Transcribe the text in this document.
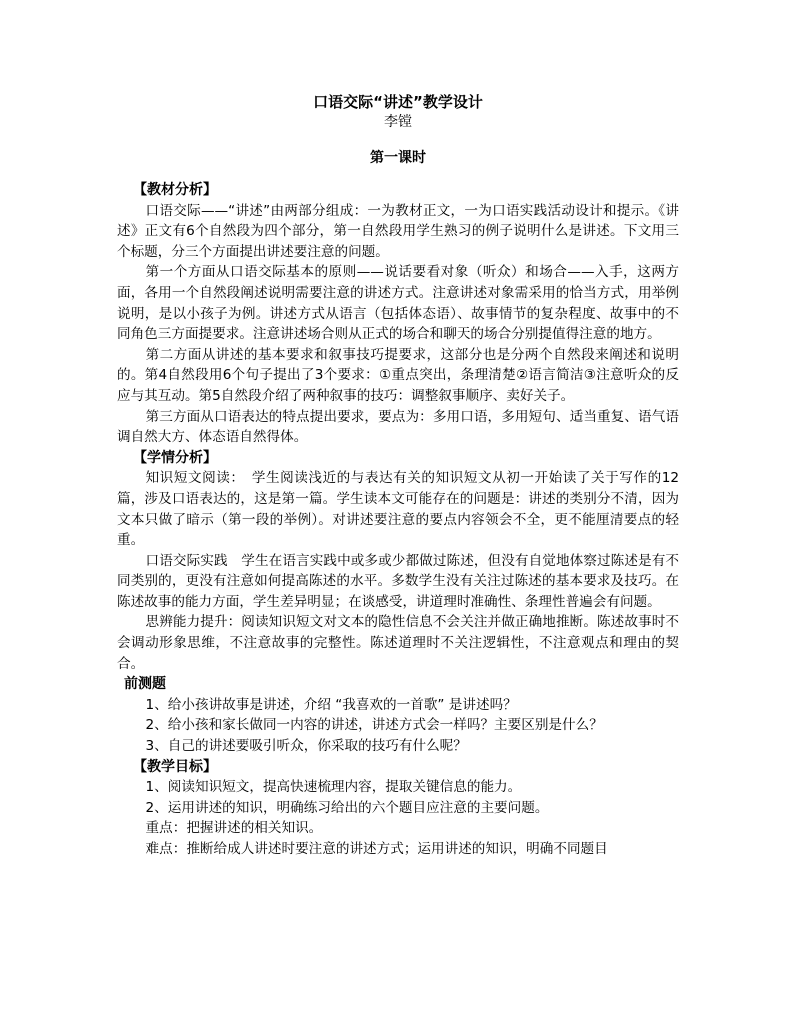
口语交际“讲述”教学设计
李镗
第一课时
【教材分析】

口语交际——“讲述”由两部分组成：一为教材正文，一为口语实践活动设计和提示。《讲述》正文有6个自然段为四个部分，第一自然段用学生熟习的例子说明什么是讲述。下文用三个标题，分三个方面提出讲述要注意的问题。

第一个方面从口语交际基本的原则——说话要看对象（听众）和场合——入手，这两方面，各用一个自然段阐述说明需要注意的讲述方式。注意讲述对象需采用的恰当方式，用举例说明，是以小孩子为例。讲述方式从语言（包括体态语）、故事情节的复杂程度、故事中的不同角色三方面提要求。注意讲述场合则从正式的场合和聊天的场合分别提值得注意的地方。

第二方面从讲述的基本要求和叙事技巧提要求，这部分也是分两个自然段来阐述和说明的。第4自然段用6个句子提出了3个要求：①重点突出，条理清楚②语言简洁③注意听众的反应与其互动。第5自然段介绍了两种叙事的技巧：调整叙事顺序、卖好关子。

第三方面从口语表达的特点提出要求，要点为：多用口语，多用短句、适当重复、语气语调自然大方、体态语自然得体。

【学情分析】

知识短文阅读：　学生阅读浅近的与表达有关的知识短文从初一开始读了关于写作的12篇，涉及口语表达的，这是第一篇。学生读本文可能存在的问题是：讲述的类别分不清，因为文本只做了暗示（第一段的举例）。对讲述要注意的要点内容领会不全，更不能厘清要点的轻重。

口语交际实践　学生在语言实践中或多或少都做过陈述，但没有自觉地体察过陈述是有不同类别的，更没有注意如何提高陈述的水平。多数学生没有关注过陈述的基本要求及技巧。在陈述故事的能力方面，学生差异明显；在谈感受，讲道理时准确性、条理性普遍会有问题。

思辨能力提升：阅读知识短文对文本的隐性信息不会关注并做正确地推断。陈述故事时不会调动形象思维，不注意故事的完整性。陈述道理时不关注逻辑性，不注意观点和理由的契合。

前测题

1、给小孩讲故事是讲述，介绍 “我喜欢的一首歌” 是讲述吗？

2、给小孩和家长做同一内容的讲述，讲述方式会一样吗？主要区别是什么？

3、自己的讲述要吸引听众，你采取的技巧有什么呢？

【教学目标】

1、阅读知识短文，提高快速梳理内容，提取关键信息的能力。

2、运用讲述的知识，明确练习给出的六个题目应注意的主要问题。

重点：把握讲述的相关知识。

难点：推断给成人讲述时要注意的讲述方式；运用讲述的知识，明确不同题目
